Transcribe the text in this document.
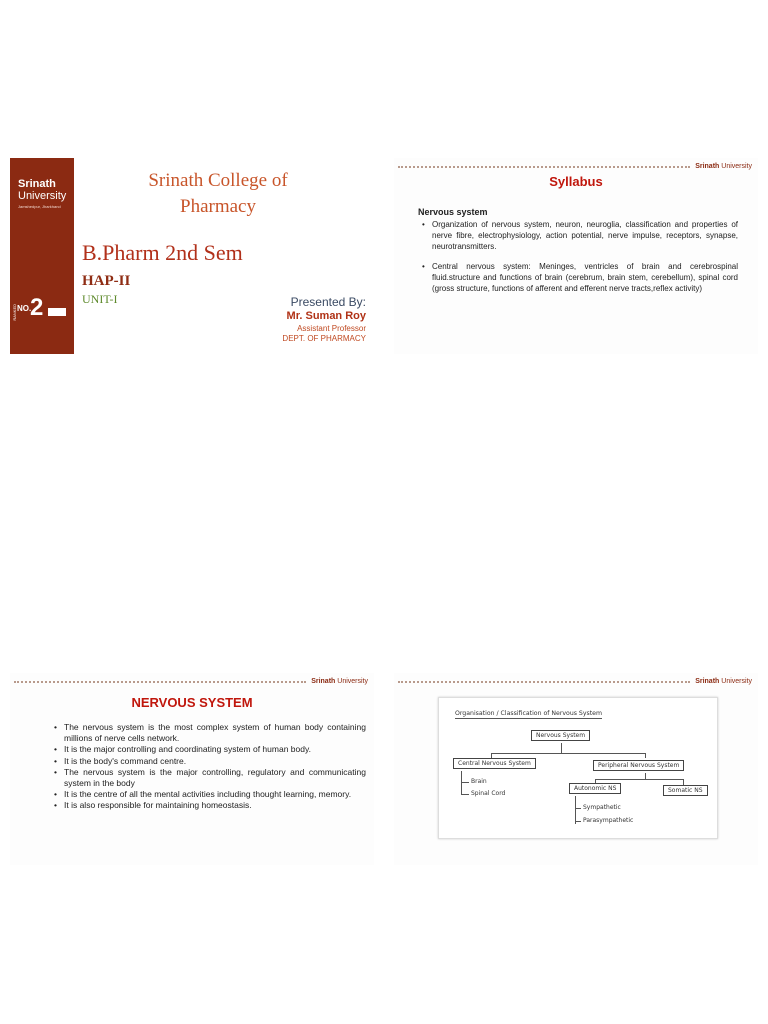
Srinath
University
Jamshedpur, Jharkhand
RANKED NO.
2
Srinath College of
Pharmacy
B.Pharm 2nd Sem
HAP-II
UNIT-I	Presented By:
Mr. Suman Roy
Assistant Professor
DEPT. OF PHARMACY
Srinath University
Syllabus
Nervous system
• Organization of nervous system, neuron, neuroglia, classification and properties of nerve fibre, electrophysiology, action potential, nerve impulse, receptors, synapse, neurotransmitters.
• Central nervous system: Meninges, ventricles of brain and cerebrospinal fluid.structure and functions of brain (cerebrum, brain stem, cerebellum), spinal cord (gross structure, functions of afferent and efferent nerve tracts,reflex activity)
Srinath University
NERVOUS SYSTEM
• The nervous system is the most complex system of human body containing millions of nerve cells network.
• It is the major controlling and coordinating system of human body.
• It is the body's command centre.
• The nervous system is the major controlling, regulatory and communicating system in the body
• It is the centre of all the mental activities including thought learning, memory.
• It is also responsible for maintaining homeostasis.
Srinath University
Organisation / Classification of Nervous System
Nervous System
Central Nervous System	Peripheral Nervous System
Brain
Spinal Cord
Autonomic NS	Somatic NS
Sympathetic
Parasympathetic
